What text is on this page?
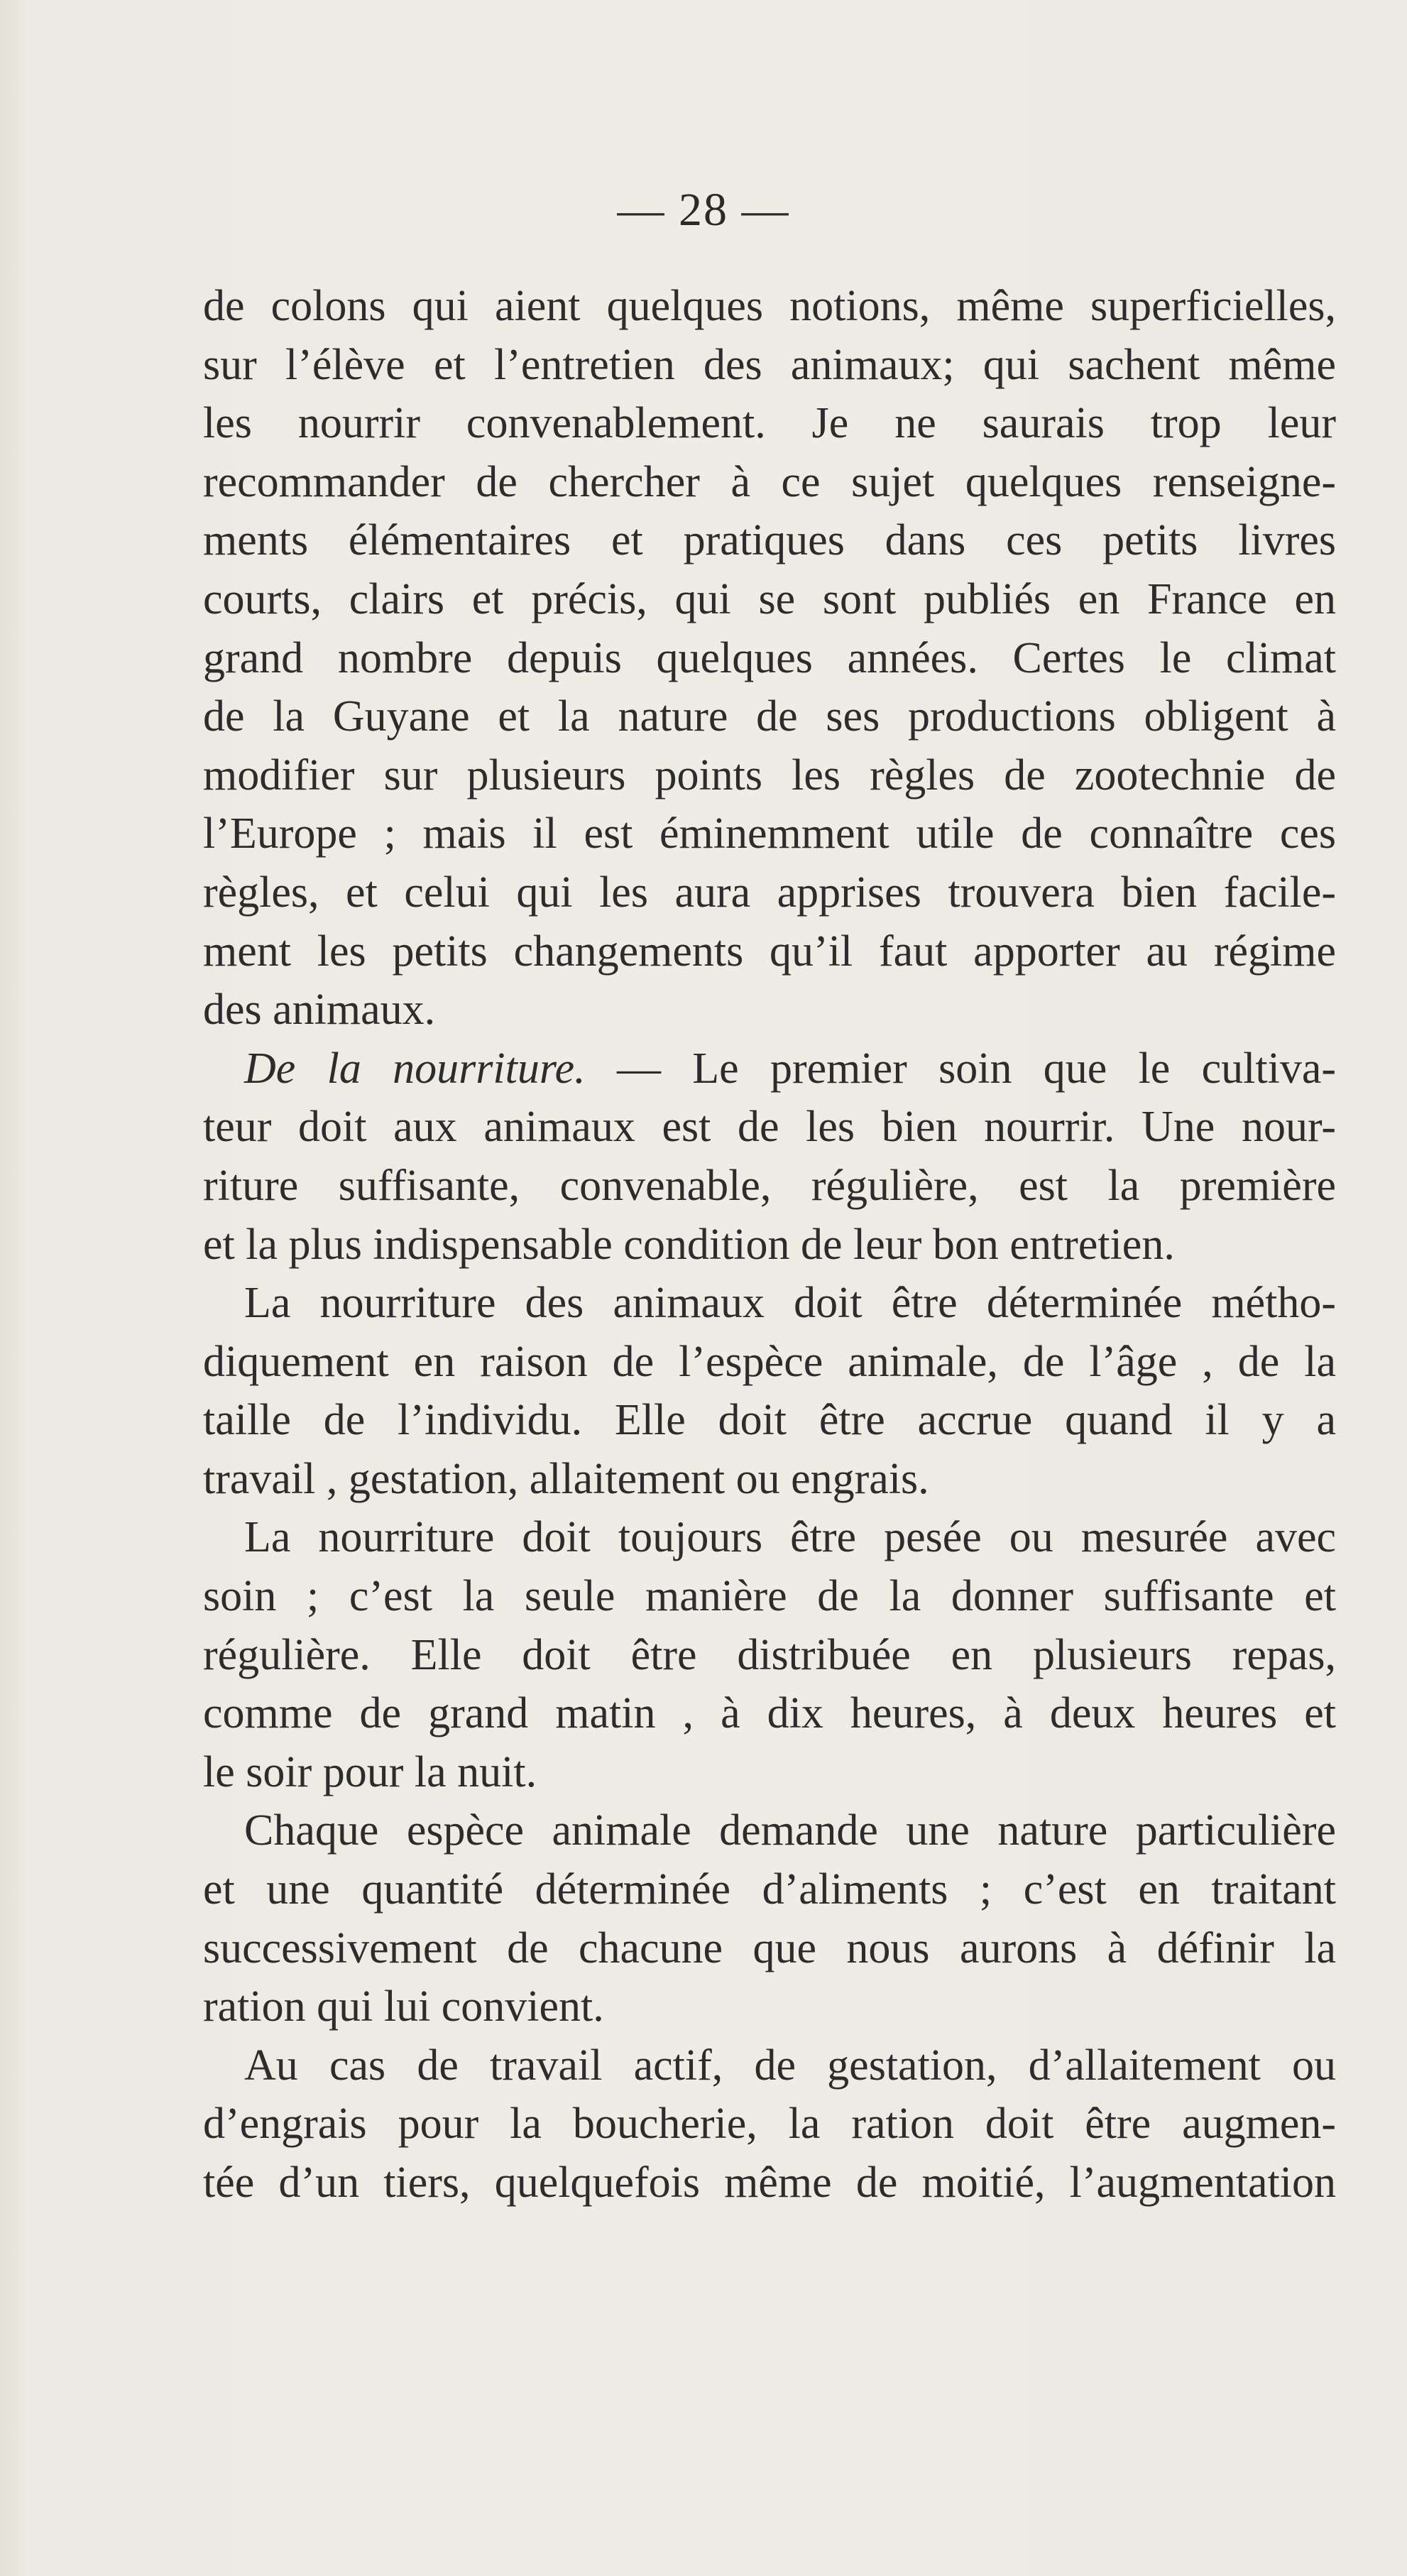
— 28 —
de colons qui aient quelques notions, même superficielles,
sur l’élève et l’entretien des animaux; qui sachent même
les nourrir convenablement. Je ne saurais trop leur
recommander de chercher à ce sujet quelques renseigne-
ments élémentaires et pratiques dans ces petits livres
courts, clairs et précis, qui se sont publiés en France en
grand nombre depuis quelques années. Certes le climat
de la Guyane et la nature de ses productions obligent à
modifier sur plusieurs points les règles de zootechnie de
l’Europe ; mais il est éminemment utile de connaître ces
règles, et celui qui les aura apprises trouvera bien facile-
ment les petits changements qu’il faut apporter au régime
des animaux.
De la nourriture. — Le premier soin que le cultiva-
teur doit aux animaux est de les bien nourrir. Une nour-
riture suffisante, convenable, régulière, est la première
et la plus indispensable condition de leur bon entretien.
La nourriture des animaux doit être déterminée métho-
diquement en raison de l’espèce animale, de l’âge , de la
taille de l’individu. Elle doit être accrue quand il y a
travail , gestation, allaitement ou engrais.
La nourriture doit toujours être pesée ou mesurée avec
soin ; c’est la seule manière de la donner suffisante et
régulière. Elle doit être distribuée en plusieurs repas,
comme de grand matin , à dix heures, à deux heures et
le soir pour la nuit.
Chaque espèce animale demande une nature particulière
et une quantité déterminée d’aliments ; c’est en traitant
successivement de chacune que nous aurons à définir la
ration qui lui convient.
Au cas de travail actif, de gestation, d’allaitement ou
d’engrais pour la boucherie, la ration doit être augmen-
tée d’un tiers, quelquefois même de moitié, l’augmentation
